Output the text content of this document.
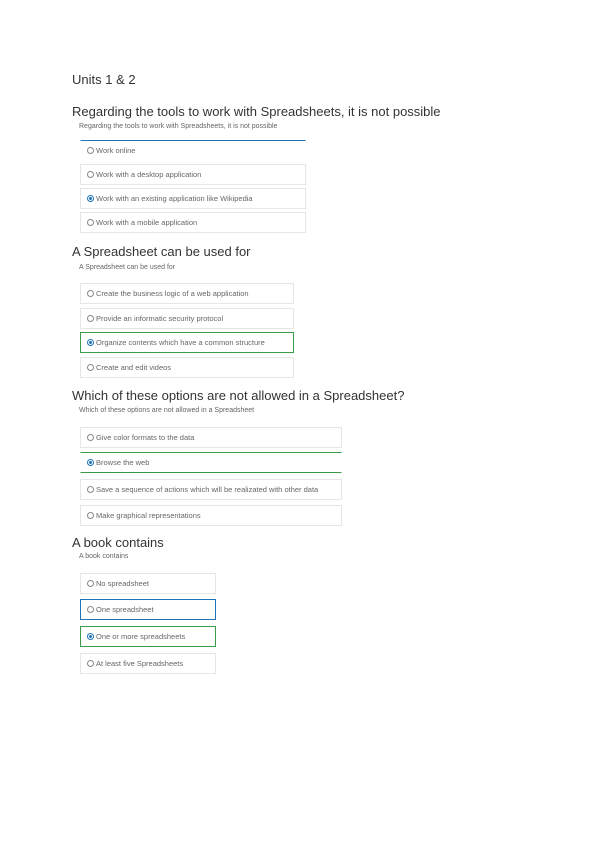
Units 1 & 2
Regarding the tools to work with Spreadsheets, it is not possible
Regarding the tools to work with Spreadsheets, it is not possible
Work online
Work with a desktop application
Work with an existing application like Wikipedia
Work with a mobile application
A Spreadsheet can be used for
A Spreadsheet can be used for
Create the business logic of a web application
Provide an informatic security protocol
Organize contents which have a common structure
Create and edit videos
Which of these options are not allowed in a Spreadsheet?
Which of these options are not allowed in a Spreadsheet
Give color formats to the data
Browse the web
Save a sequence of actions which will be realizated with other data
Make graphical representations
A book contains
A book contains
No spreadsheet
One spreadsheet
One or more spreadsheets
At least five Spreadsheets
